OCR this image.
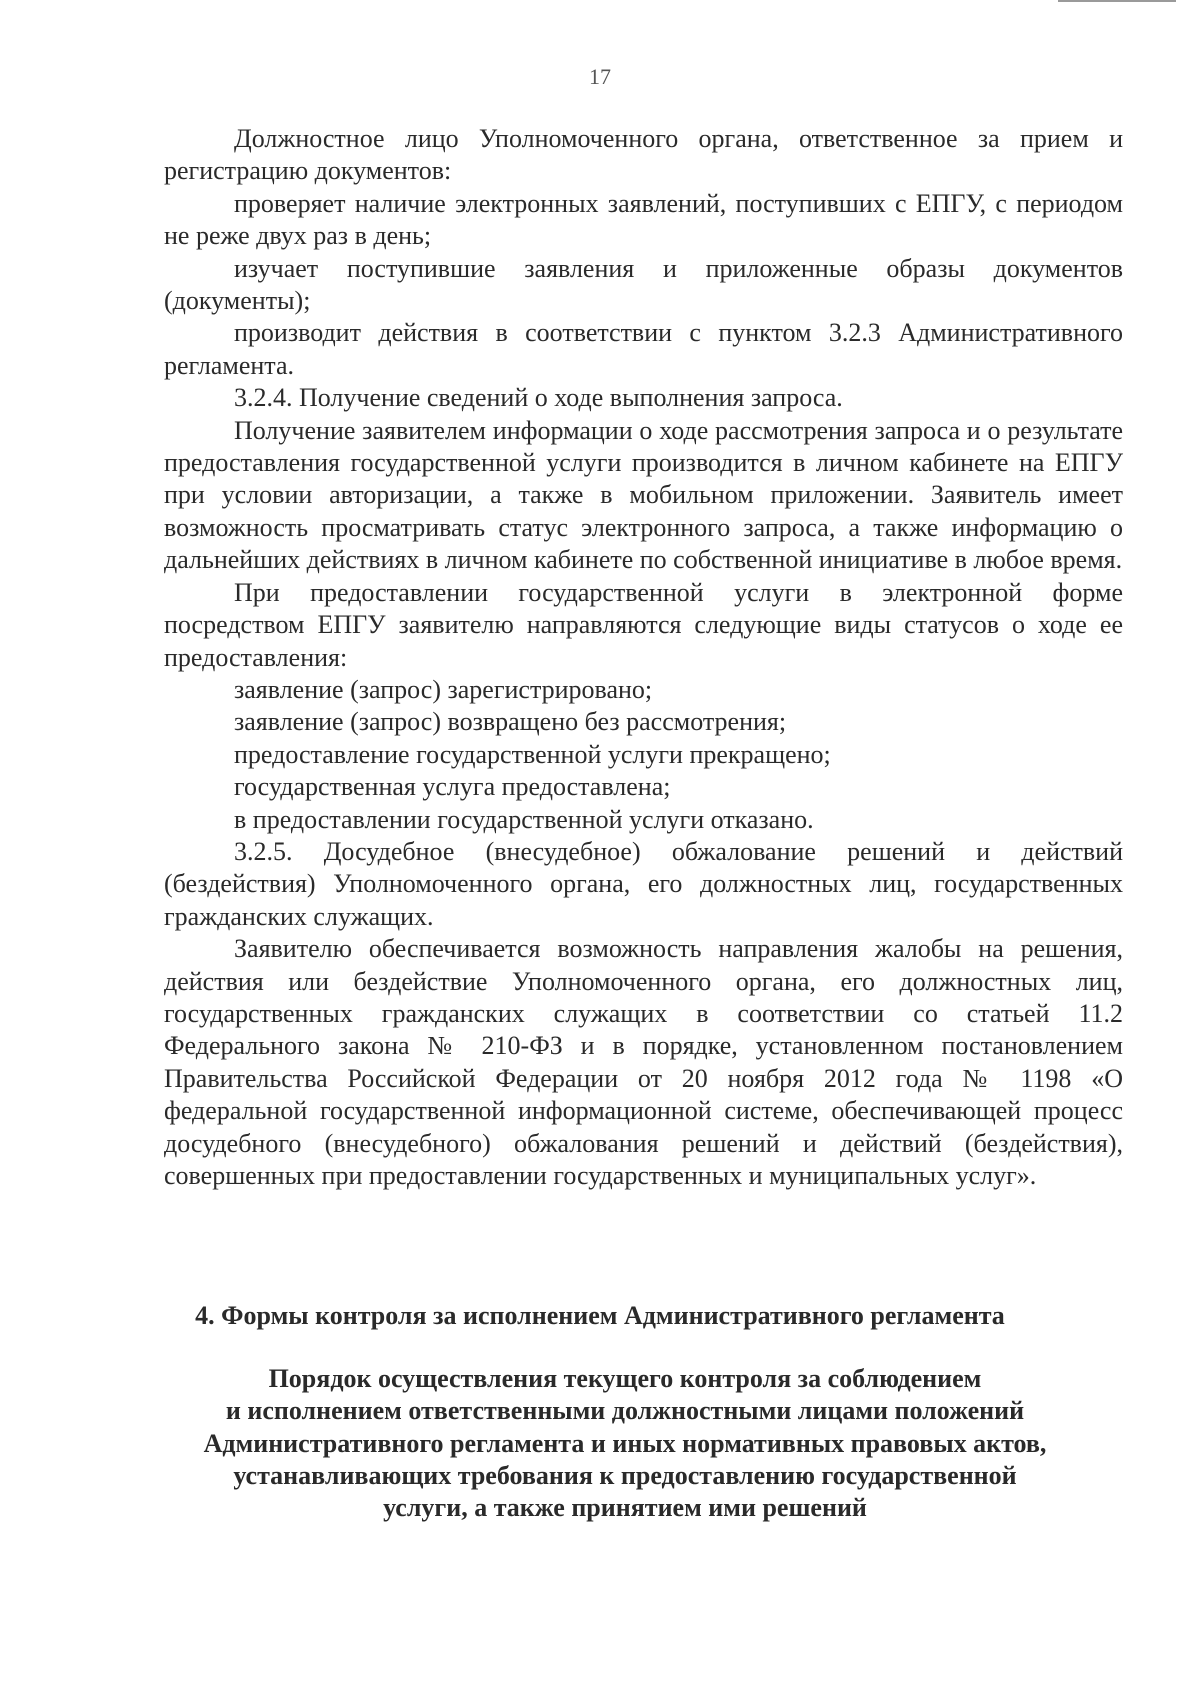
17

Должностное лицо Уполномоченного органа, ответственное за прием и регистрацию документов:

проверяет наличие электронных заявлений, поступивших с ЕПГУ, с периодом не реже двух раз в день;

изучает поступившие заявления и приложенные образы документов (документы);

производит действия в соответствии с пунктом 3.2.3 Административного регламента.

3.2.4. Получение сведений о ходе выполнения запроса.

Получение заявителем информации о ходе рассмотрения запроса и о результате предоставления государственной услуги производится в личном кабинете на ЕПГУ при условии авторизации, а также в мобильном приложении. Заявитель имеет возможность просматривать статус электронного запроса, а также информацию о дальнейших действиях в личном кабинете по собственной инициативе в любое время.

При предоставлении государственной услуги в электронной форме посредством ЕПГУ заявителю направляются следующие виды статусов о ходе ее предоставления:

заявление (запрос) зарегистрировано;

заявление (запрос) возвращено без рассмотрения;

предоставление государственной услуги прекращено;

государственная услуга предоставлена;

в предоставлении государственной услуги отказано.

3.2.5. Досудебное (внесудебное) обжалование решений и действий (бездействия) Уполномоченного органа, его должностных лиц, государственных гражданских служащих.

Заявителю обеспечивается возможность направления жалобы на решения, действия или бездействие Уполномоченного органа, его должностных лиц, государственных гражданских служащих в соответствии со статьей 11.2 Федерального закона № 210-ФЗ и в порядке, установленном постановлением Правительства Российской Федерации от 20 ноября 2012 года № 1198 «О федеральной государственной информационной системе, обеспечивающей процесс досудебного (внесудебного) обжалования решений и действий (бездействия), совершенных при предоставлении государственных и муниципальных услуг».

4. Формы контроля за исполнением Административного регламента
Порядок осуществления текущего контроля за соблюдением
и исполнением ответственными должностными лицами положений
Административного регламента и иных нормативных правовых актов,
устанавливающих требования к предоставлению государственной
услуги, а также принятием ими решений
